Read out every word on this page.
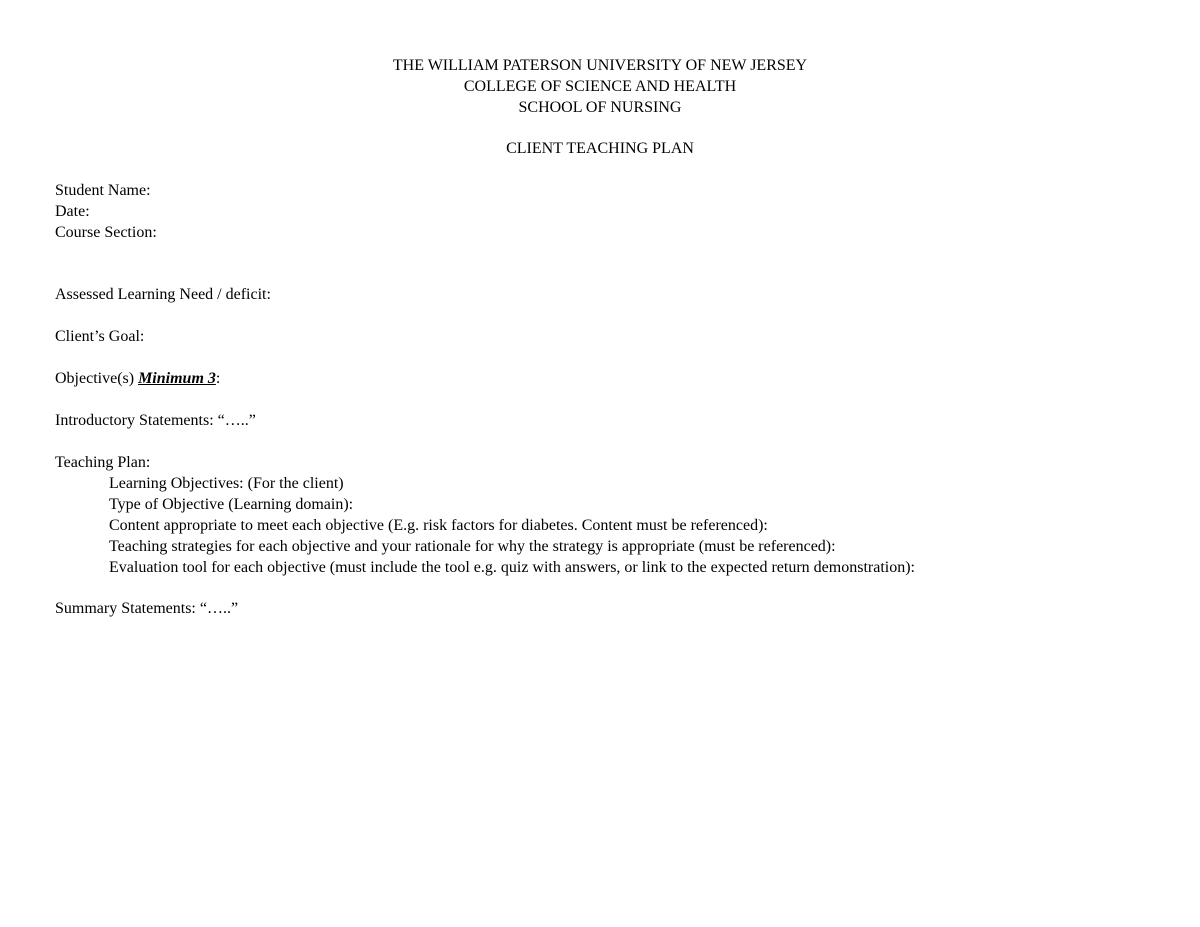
THE WILLIAM PATERSON UNIVERSITY OF NEW JERSEY
COLLEGE OF SCIENCE AND HEALTH
SCHOOL OF NURSING
CLIENT TEACHING PLAN
Student Name:
Date:
Course Section:
Assessed Learning Need / deficit:
Client’s Goal:
Objective(s) Minimum 3:
Introductory Statements: “…..”
Teaching Plan:
Learning Objectives: (For the client)
Type of Objective (Learning domain):
Content appropriate to meet each objective (E.g. risk factors for diabetes. Content must be referenced):
Teaching strategies for each objective and your rationale for why the strategy is appropriate (must be referenced):
Evaluation tool for each objective (must include the tool e.g. quiz with answers, or link to the expected return demonstration):
Summary Statements: “…..”
